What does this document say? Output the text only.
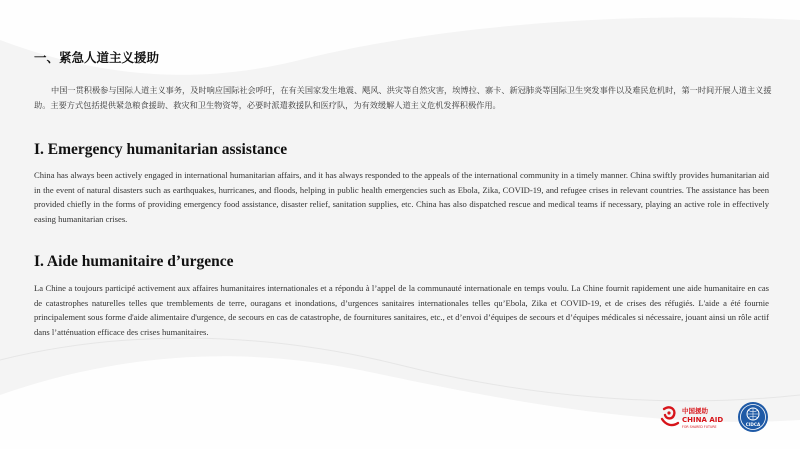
一、紧急人道主义援助

中国一贯积极参与国际人道主义事务，及时响应国际社会呼吁，在有关国家发生地震、飓风、洪灾等自然灾害，埃博拉、寨卡、新冠肺炎等国际卫生突发事件以及难民危机时，第一时间开展人道主义援助。主要方式包括提供紧急粮食援助、救灾和卫生物资等，必要时派遣救援队和医疗队，为有效缓解人道主义危机发挥积极作用。

I. Emergency humanitarian assistance

China has always been actively engaged in international humanitarian affairs, and it has always responded to the appeals of the international community in a timely manner. China swiftly provides humanitarian aid in the event of natural disasters such as earthquakes, hurricanes, and floods, helping in public health emergencies such as Ebola, Zika, COVID-19, and refugee crises in relevant countries. The assistance has been provided chiefly in the forms of providing emergency food assistance, disaster relief, sanitation supplies, etc. China has also dispatched rescue and medical teams if necessary, playing an active role in effectively easing humanitarian crises.

I. Aide humanitaire d’urgence

La Chine a toujours participé activement aux affaires humanitaires internationales et a répondu à l’appel de la communauté internationale en temps voulu. La Chine fournit rapidement une aide humanitaire en cas de catastrophes naturelles telles que tremblements de terre, ouragans et inondations, d’urgences sanitaires internationales telles qu’Ebola, Zika et COVID-19, et de crises des réfugiés. L'aide a été fournie principalement sous forme d'aide alimentaire d'urgence, de secours en cas de catastrophe, de fournitures sanitaires, etc., et d’envoi d’équipes de secours et d’équipes médicales si nécessaire, jouant ainsi un rôle actif dans l’atténuation efficace des crises humanitaires.

中国援助
CHINA AID
FOR SHARED FUTURE	CIDCA
